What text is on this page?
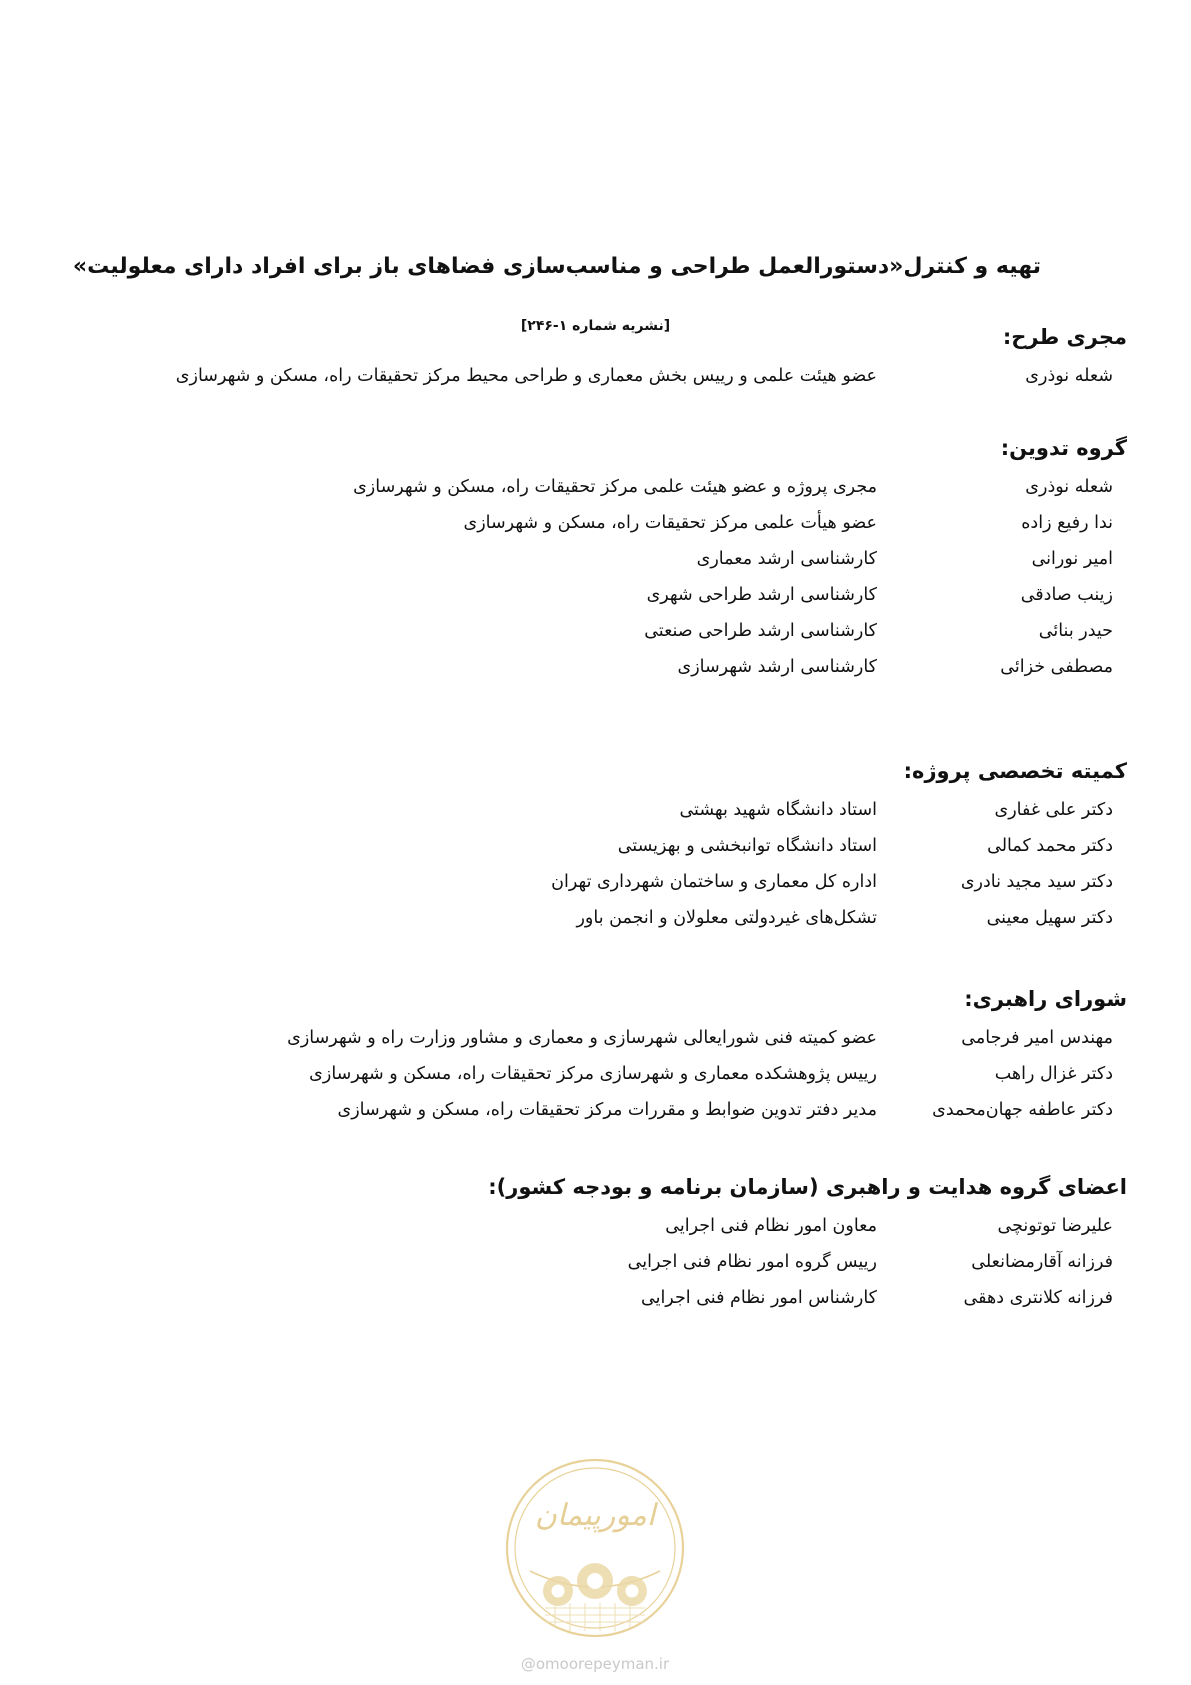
تهیه و کنترل«دستورالعمل طراحی و مناسب‌سازی فضاهای باز برای افراد دارای معلولیت»
[نشریه شماره ۱-۲۴۶]	مجری طرح:
شعله نوذری
عضو هیئت علمی و رییس بخش معماری و طراحی محیط مرکز تحقیقات راه، مسکن و شهرسازی
گروه تدوین:
شعله نوذری
مجری پروژه و عضو هیئت علمی مرکز تحقیقات راه، مسکن و شهرسازی
ندا رفیع زاده
عضو هیأت علمی مرکز تحقیقات راه، مسکن و شهرسازی
امیر نورانی
کارشناسی ارشد معماری
زینب صادقی
کارشناسی ارشد طراحی شهری
حیدر بنائی
کارشناسی ارشد طراحی صنعتی
مصطفی خزائی
کارشناسی ارشد شهرسازی
کمیته تخصصی پروژه:
دکتر علی غفاری
استاد دانشگاه شهید بهشتی
دکتر محمد کمالی
استاد دانشگاه توانبخشی و بهزیستی
دکتر سید مجید نادری
اداره کل معماری و ساختمان شهرداری تهران
دکتر سهیل معینی
تشکل‌های غیردولتی معلولان و انجمن باور
شورای راهبری:
مهندس امیر فرجامی
عضو کمیته فنی شورایعالی شهرسازی و معماری و مشاور وزارت راه و شهرسازی
دکتر غزال راهب
رییس پژوهشکده معماری و شهرسازی مرکز تحقیقات راه، مسکن و شهرسازی
دکتر عاطفه جهان‌محمدی
مدیر دفتر تدوین ضوابط و مقررات مرکز تحقیقات راه، مسکن و شهرسازی
اعضای گروه هدایت و راهبری (سازمان برنامه و بودجه کشور):
علیرضا توتونچی
معاون امور نظام فنی اجرایی
فرزانه آقارمضانعلی
رییس گروه امور نظام فنی اجرایی
فرزانه کلانتری دهقی
کارشناس امور نظام فنی اجرایی
امورپیمان
@omoorepeyman.ir
